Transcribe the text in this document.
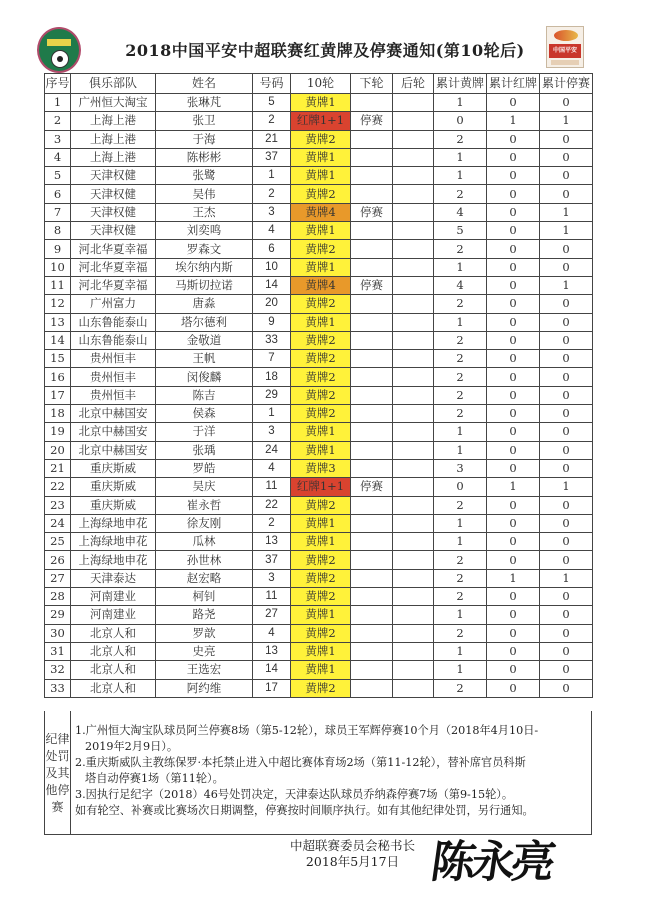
2018中国平安中超联赛红黄牌及停赛通知(第10轮后)	中国平安
序号	俱乐部队	姓名	号码	10轮	下轮	后轮	累计黄牌	累计红牌	累计停赛
1	广州恒大淘宝	张琳芃	5	黄牌1			1	0	0
2	上海上港	张卫	2	红牌1+1	停赛		0	1	1
3	上海上港	于海	21	黄牌2			2	0	0
4	上海上港	陈彬彬	37	黄牌1			1	0	0
5	天津权健	张鹭	1	黄牌1			1	0	0
6	天津权健	吴伟	2	黄牌2			2	0	0
7	天津权健	王杰	3	黄牌4	停赛		4	0	1
8	天津权健	刘奕鸣	4	黄牌1			5	0	1
9	河北华夏幸福	罗森文	6	黄牌2			2	0	0
10	河北华夏幸福	埃尔纳内斯	10	黄牌1			1	0	0
11	河北华夏幸福	马斯切拉诺	14	黄牌4	停赛		4	0	1
12	广州富力	唐淼	20	黄牌2			2	0	0
13	山东鲁能泰山	塔尔德利	9	黄牌1			1	0	0
14	山东鲁能泰山	金敬道	33	黄牌2			2	0	0
15	贵州恒丰	王帆	7	黄牌2			2	0	0
16	贵州恒丰	闵俊麟	18	黄牌2			2	0	0
17	贵州恒丰	陈吉	29	黄牌2			2	0	0
18	北京中赫国安	侯森	1	黄牌2			2	0	0
19	北京中赫国安	于洋	3	黄牌1			1	0	0
20	北京中赫国安	张瑀	24	黄牌1			1	0	0
21	重庆斯威	罗皓	4	黄牌3			3	0	0
22	重庆斯威	吴庆	11	红牌1+1	停赛		0	1	1
23	重庆斯威	崔永哲	22	黄牌2			2	0	0
24	上海绿地申花	徐友刚	2	黄牌1			1	0	0
25	上海绿地申花	瓜林	13	黄牌1			1	0	0
26	上海绿地申花	孙世林	37	黄牌2			2	0	0
27	天津泰达	赵宏略	3	黄牌2			2	1	1
28	河南建业	柯钊	11	黄牌2			2	0	0
29	河南建业	路尧	27	黄牌1			1	0	0
30	北京人和	罗歆	4	黄牌2			2	0	0
31	北京人和	史亮	13	黄牌1			1	0	0
32	北京人和	王选宏	14	黄牌1			1	0	0
33	北京人和	阿约维	17	黄牌2			2	0	0
纪律
处罚
及其
他停
赛

1.广州恒大淘宝队球员阿兰停赛8场（第5-12轮），球员王军辉停赛10个月（2018年4月10日-

2019年2月9日）。

2.重庆斯威队主教练保罗·本托禁止进入中超比赛体育场2场（第11-12轮），替补席官员科斯

塔自动停赛1场（第11轮）。

3.因执行足纪字（2018）46号处罚决定，天津泰达队球员乔纳森停赛7场（第9-15轮）。

如有轮空、补赛或比赛场次日期调整，停赛按时间顺序执行。如有其他纪律处罚，另行通知。

中超联赛委员会秘书长
2018年5月17日 陈永亮
